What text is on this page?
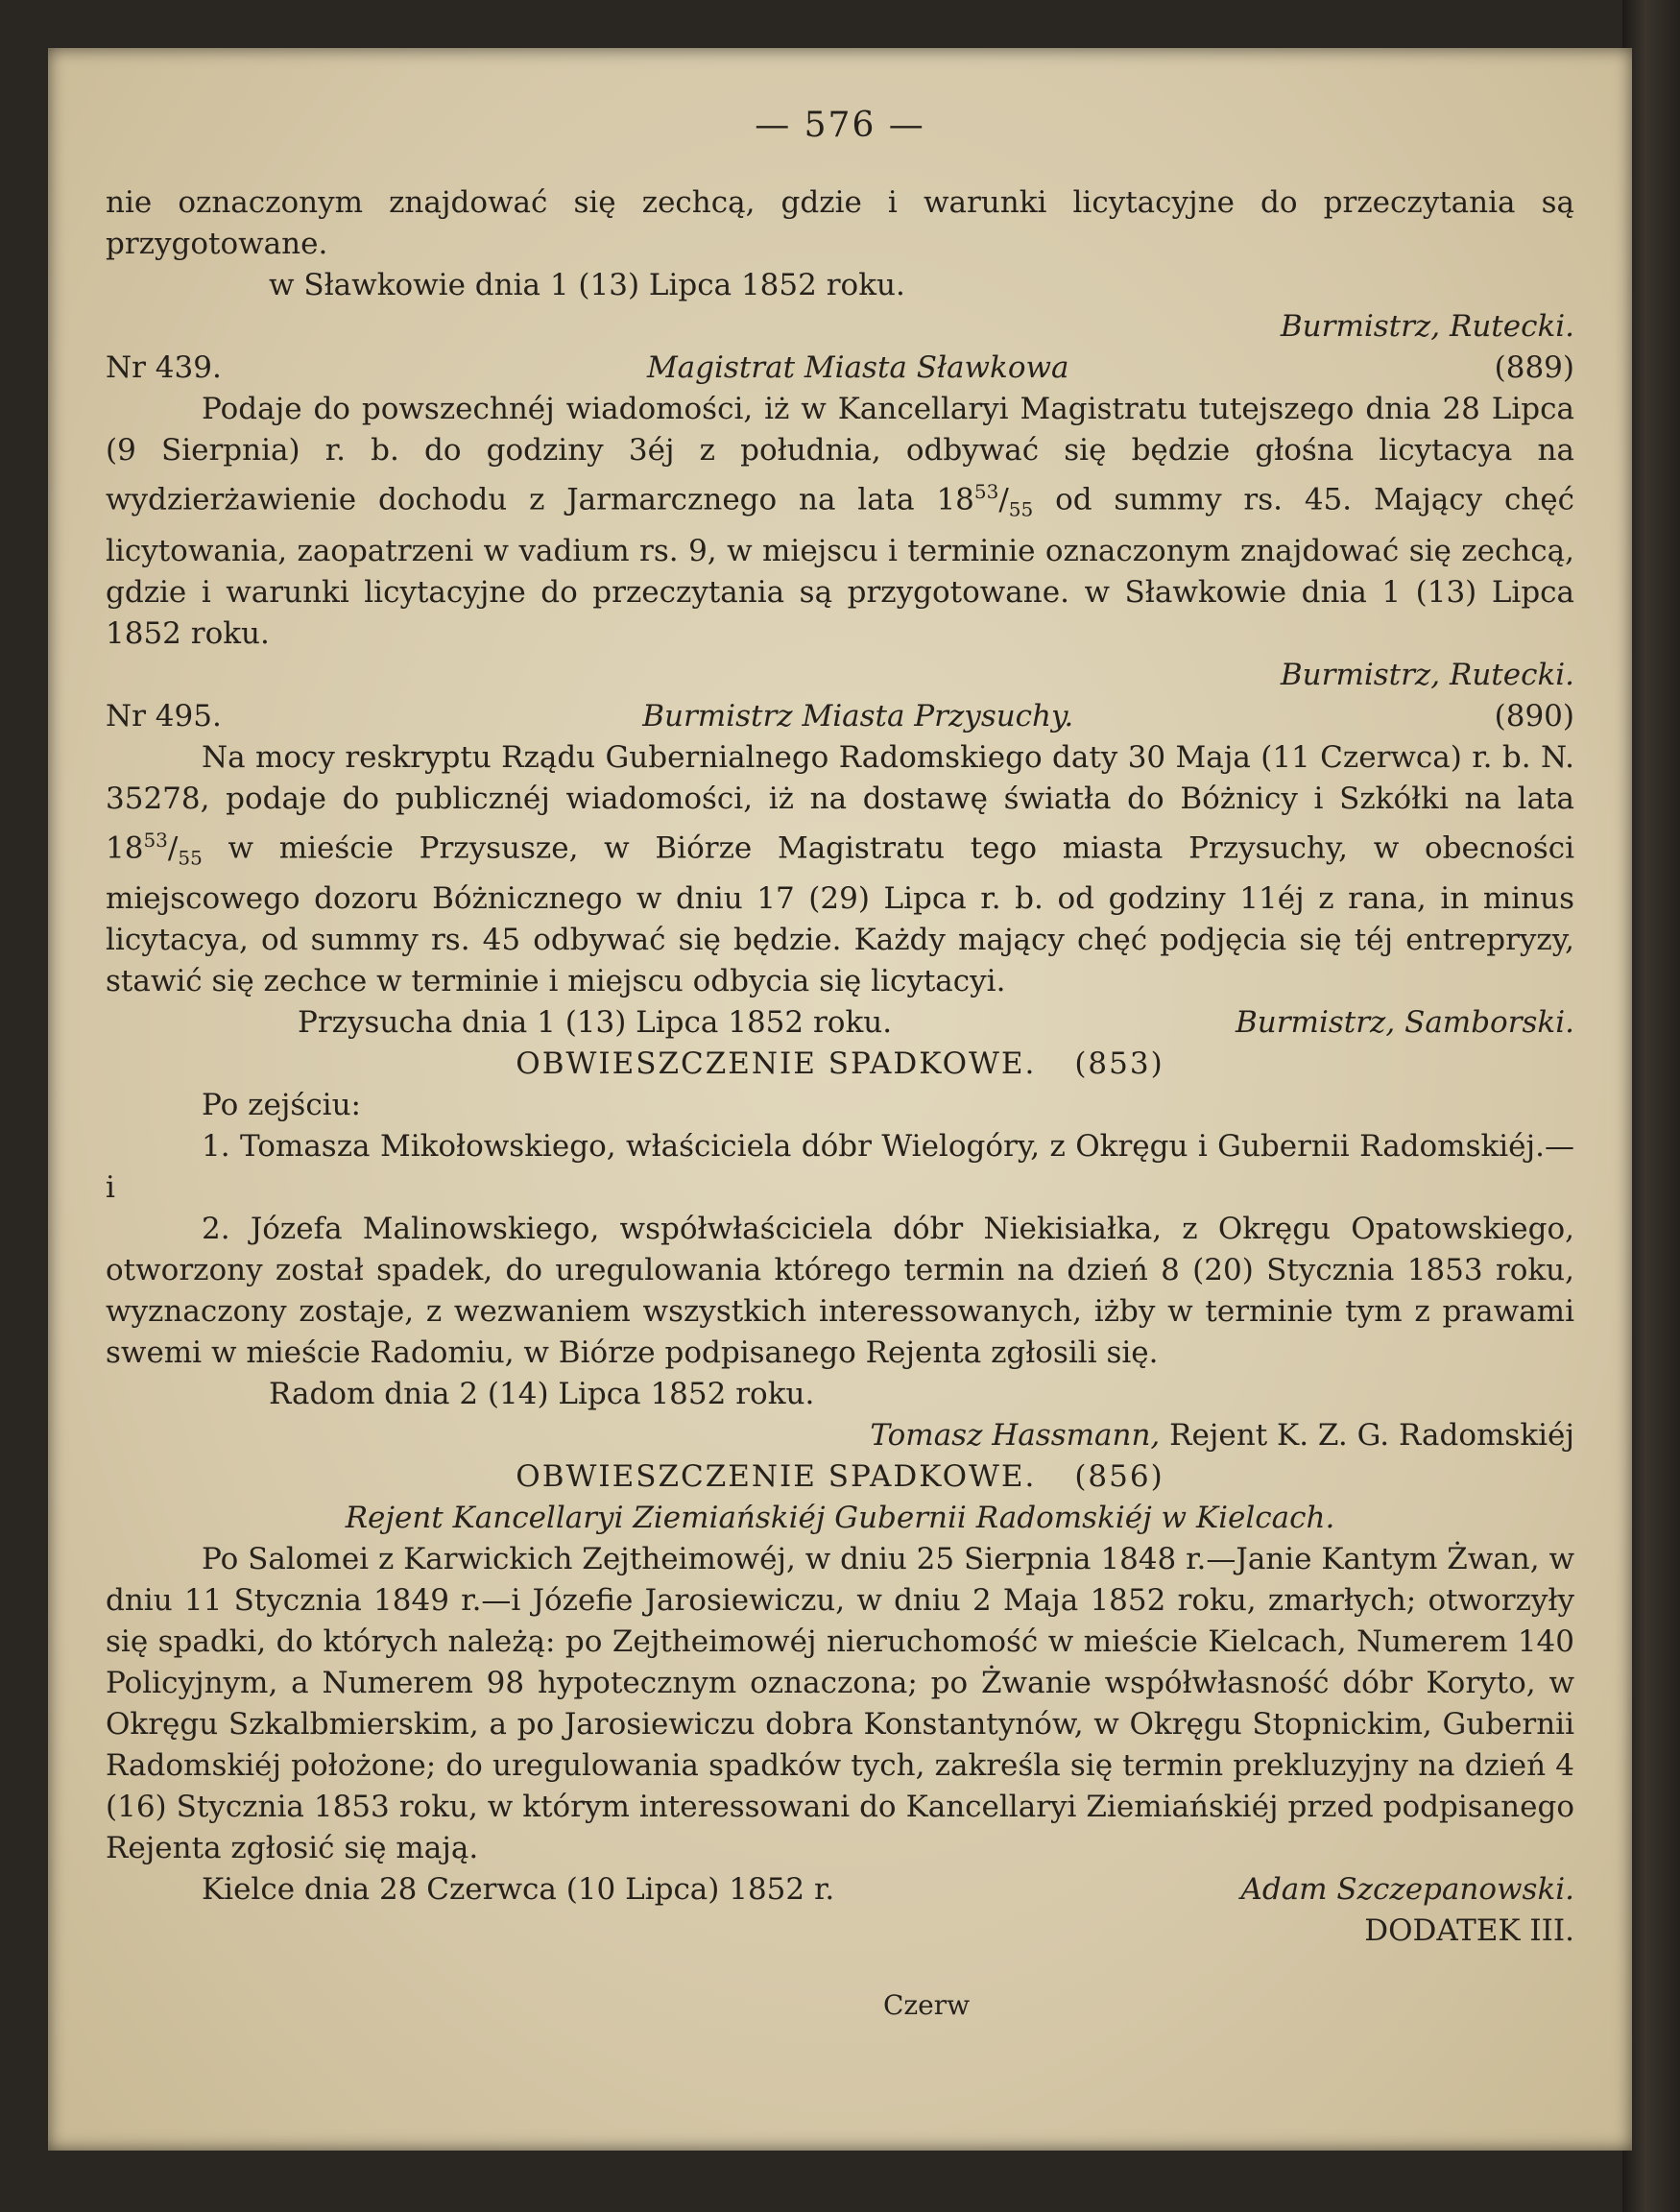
— 576 —

nie oznaczonym znajdować się zechcą, gdzie i warunki licytacyjne do przeczytania są przygotowane.

w Sławkowie dnia 1 (13) Lipca 1852 roku.

Burmistrz, Rutecki.

Nr 439.	Magistrat Miasta Sławkowa	(889)

Podaje do powszechnéj wiadomości, iż w Kancellaryi Magistratu tutejszego dnia 28 Lipca (9 Sierpnia) r. b. do godziny 3éj z południa, odbywać się będzie głośna licytacya na wydzierżawienie dochodu z Jarmarcznego na lata $18^{53}/_{55}$ od summy rs. 45. Mający chęć licytowania, zaopatrzeni w vadium rs. 9, w miejscu i terminie oznaczonym znajdować się zechcą, gdzie i warunki licytacyjne do przeczytania są przygotowane. w Sławkowie dnia 1 (13) Lipca 1852 roku.

Burmistrz, Rutecki.

Nr 495.	Burmistrz Miasta Przysuchy.	(890)

Na mocy reskryptu Rządu Gubernialnego Radomskiego daty 30 Maja (11 Czerwca) r. b. N. 35278, podaje do publicznéj wiadomości, iż na dostawę światła do Bóżnicy i Szkółki na lata $18^{53}/_{55}$ w mieście Przysusze, w Biórze Magistratu tego miasta Przysuchy, w obecności miejscowego dozoru Bóżnicznego w dniu 17 (29) Lipca r. b. od godziny 11éj z rana, in minus licytacya, od summy rs. 45 odbywać się będzie. Każdy mający chęć podjęcia się téj entrepryzy, stawić się zechce w terminie i miejscu odbycia się licytacyi.

Przysucha dnia 1 (13) Lipca 1852 roku.	Burmistrz, Samborski.

OBWIESZCZENIE SPADKOWE. (853)

Po zejściu:

1. Tomasza Mikołowskiego, właściciela dóbr Wielogóry, z Okręgu i Gubernii Radomskiéj.—i

2. Józefa Malinowskiego, współwłaściciela dóbr Niekisiałka, z Okręgu Opatowskiego, otworzony został spadek, do uregulowania którego termin na dzień 8 (20) Stycznia 1853 roku, wyznaczony zostaje, z wezwaniem wszystkich interessowanych, iżby w terminie tym z prawami swemi w mieście Radomiu, w Biórze podpisanego Rejenta zgłosili się.

Radom dnia 2 (14) Lipca 1852 roku.

Tomasz Hassmann, Rejent K. Z. G. Radomskiéj

OBWIESZCZENIE SPADKOWE. (856)

Rejent Kancellaryi Ziemiańskiéj Gubernii Radomskiéj w Kielcach.

Po Salomei z Karwickich Zejtheimowéj, w dniu 25 Sierpnia 1848 r.—Janie Kantym Żwan, w dniu 11 Stycznia 1849 r.—i Józefie Jarosiewiczu, w dniu 2 Maja 1852 roku, zmarłych; otworzyły się spadki, do których należą: po Zejtheimowéj nieruchomość w mieście Kielcach, Numerem 140 Policyjnym, a Numerem 98 hypotecznym oznaczona; po Żwanie współwłasność dóbr Koryto, w Okręgu Szkalbmierskim, a po Jarosiewiczu dobra Konstantynów, w Okręgu Stopnickim, Gubernii Radomskiéj położone; do uregulowania spadków tych, zakreśla się termin prekluzyjny na dzień 4 (16) Stycznia 1853 roku, w którym interessowani do Kancellaryi Ziemiańskiéj przed podpisanego Rejenta zgłosić się mają.

Kielce dnia 28 Czerwca (10 Lipca) 1852 r.	Adam Szczepanowski.

DODATEK III.

Czerw
